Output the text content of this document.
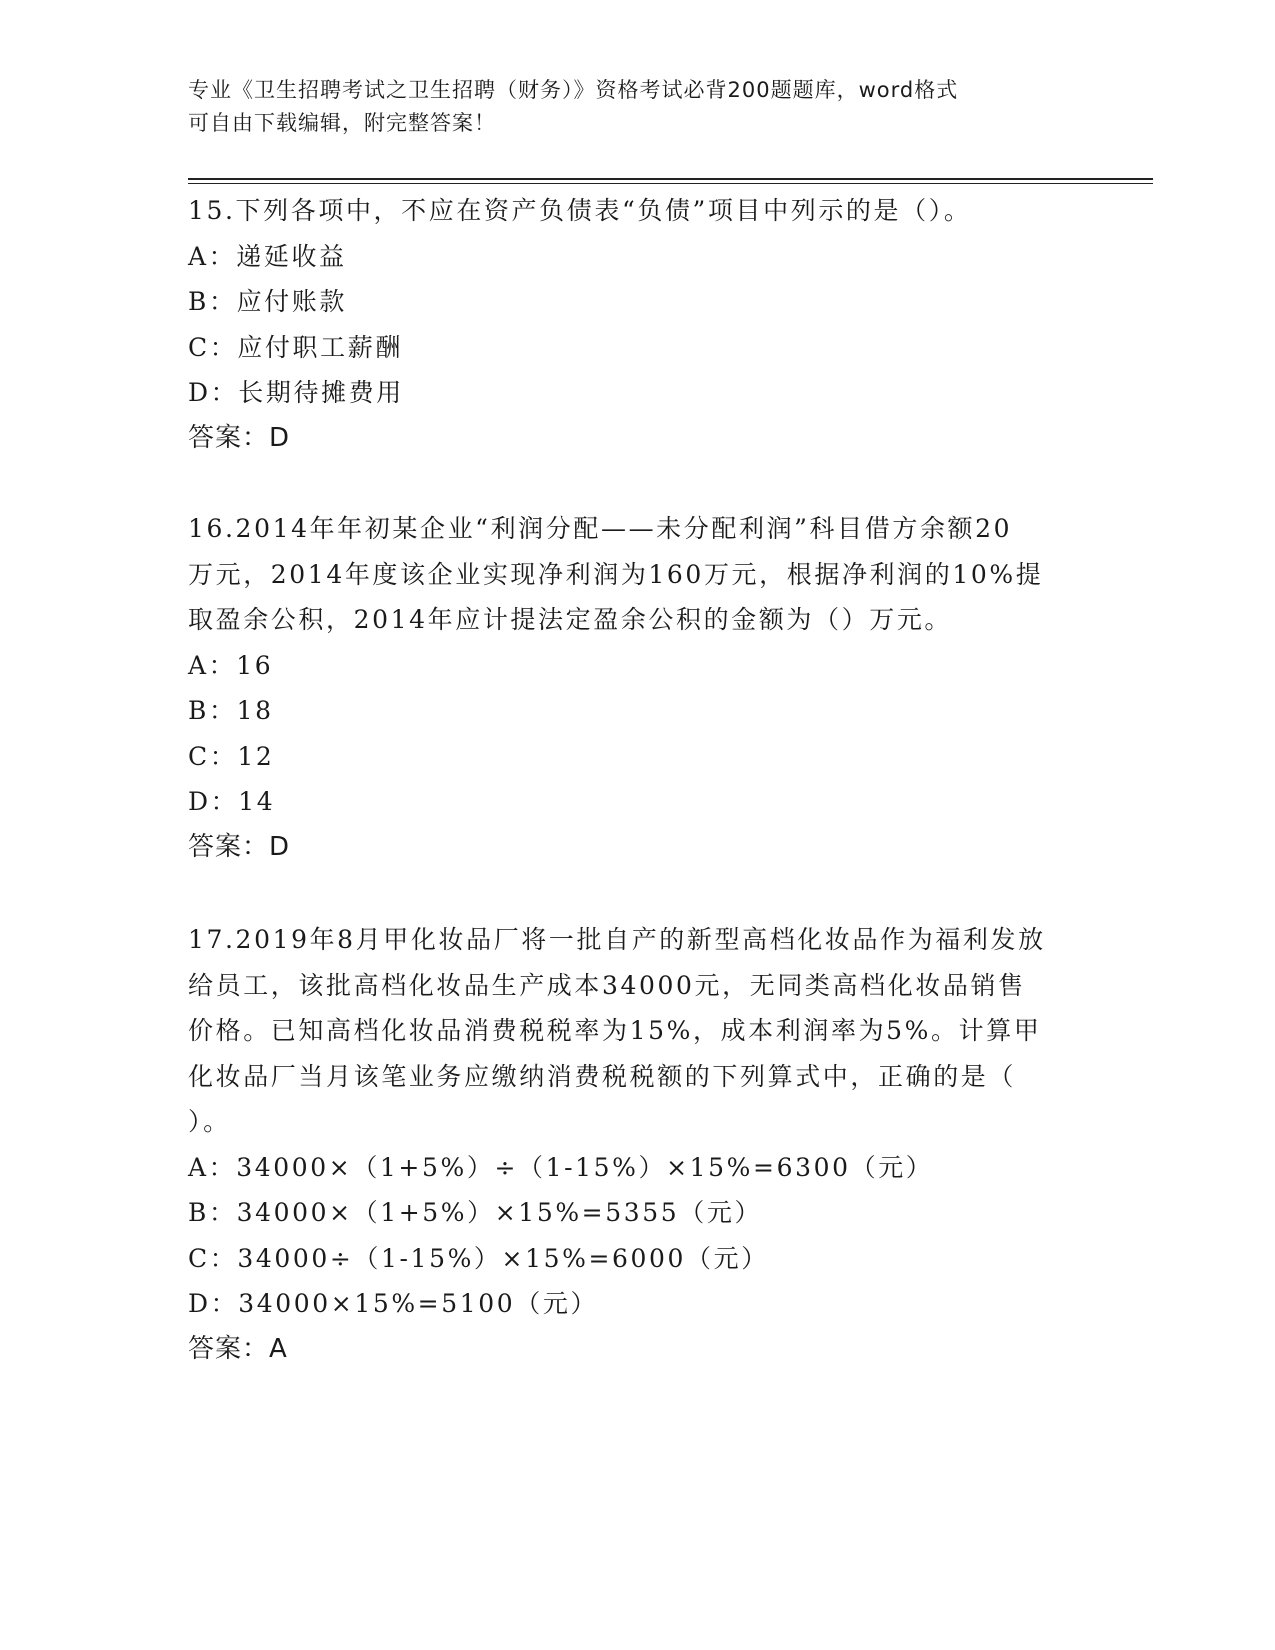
专业《卫生招聘考试之卫生招聘（财务）》资格考试必背200题题库，word格式
可自由下载编辑，附完整答案！
15.下列各项中，不应在资产负债表“负债”项目中列示的是（）。
A：递延收益
B：应付账款
C：应付职工薪酬
D：长期待摊费用
答案：D
16.2014年年初某企业“利润分配——未分配利润”科目借方余额20
万元，2014年度该企业实现净利润为160万元，根据净利润的10%提
取盈余公积，2014年应计提法定盈余公积的金额为（）万元。
A：16
B：18
C：12
D：14
答案：D
17.2019年8月甲化妆品厂将一批自产的新型高档化妆品作为福利发放
给员工，该批高档化妆品生产成本34000元，无同类高档化妆品销售
价格。已知高档化妆品消费税税率为15%，成本利润率为5%。计算甲
化妆品厂当月该笔业务应缴纳消费税税额的下列算式中，正确的是（
）。
A：34000×（1+5%）÷（1-15%）×15%=6300（元）
B：34000×（1+5%）×15%=5355（元）
C：34000÷（1-15%）×15%=6000（元）
D：34000×15%=5100（元）
答案：A
